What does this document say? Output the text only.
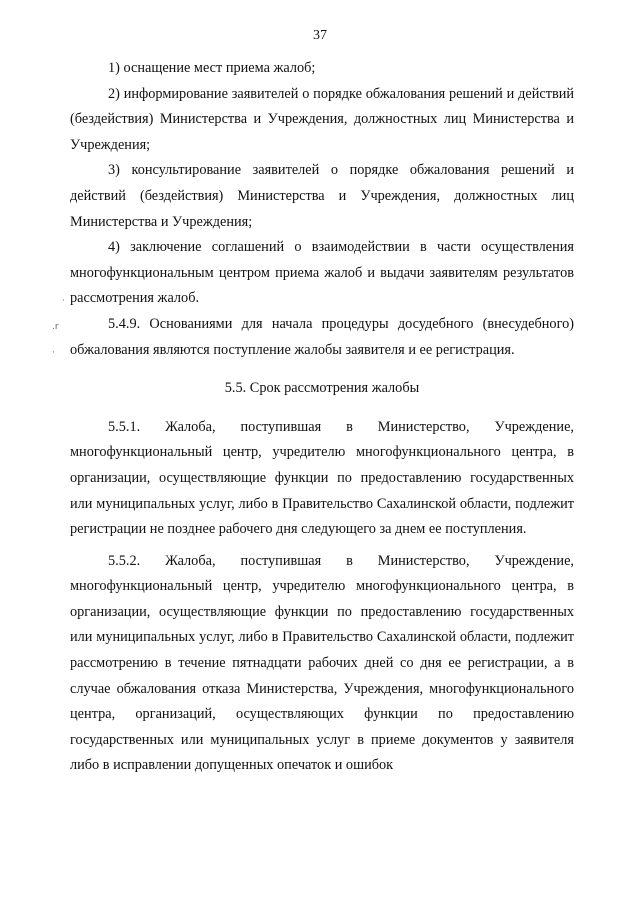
37
.r
·
·

1) оснащение мест приема жалоб;

2) информирование заявителей о порядке обжалования решений и действий (бездействия) Министерства и Учреждения, должностных лиц Министерства и Учреждения;

3) консультирование заявителей о порядке обжалования решений и действий (бездействия) Министерства и Учреждения, должностных лиц Министерства и Учреждения;

4) заключение соглашений о взаимодействии в части осуществления многофункциональным центром приема жалоб и выдачи заявителям результатов рассмотрения жалоб.

5.4.9. Основаниями для начала процедуры досудебного (внесудебного) обжалования являются поступление жалобы заявителя и ее регистрация.

5.5. Срок рассмотрения жалобы

5.5.1. Жалоба, поступившая в Министерство, Учреждение, многофункциональный центр, учредителю многофункционального центра, в организации, осуществляющие функции по предоставлению государственных или муниципальных услуг, либо в Правительство Сахалинской области, подлежит регистрации не позднее рабочего дня следующего за днем ее поступления.

5.5.2. Жалоба, поступившая в Министерство, Учреждение, многофункциональный центр, учредителю многофункционального центра, в организации, осуществляющие функции по предоставлению государственных или муниципальных услуг, либо в Правительство Сахалинской области, подлежит рассмотрению в течение пятнадцати рабочих дней со дня ее регистрации, а в случае обжалования отказа Министерства, Учреждения, многофункционального центра, организаций, осуществляющих функции по предоставлению государственных или муниципальных услуг в приеме документов у заявителя либо в исправлении допущенных опечаток и ошибок
